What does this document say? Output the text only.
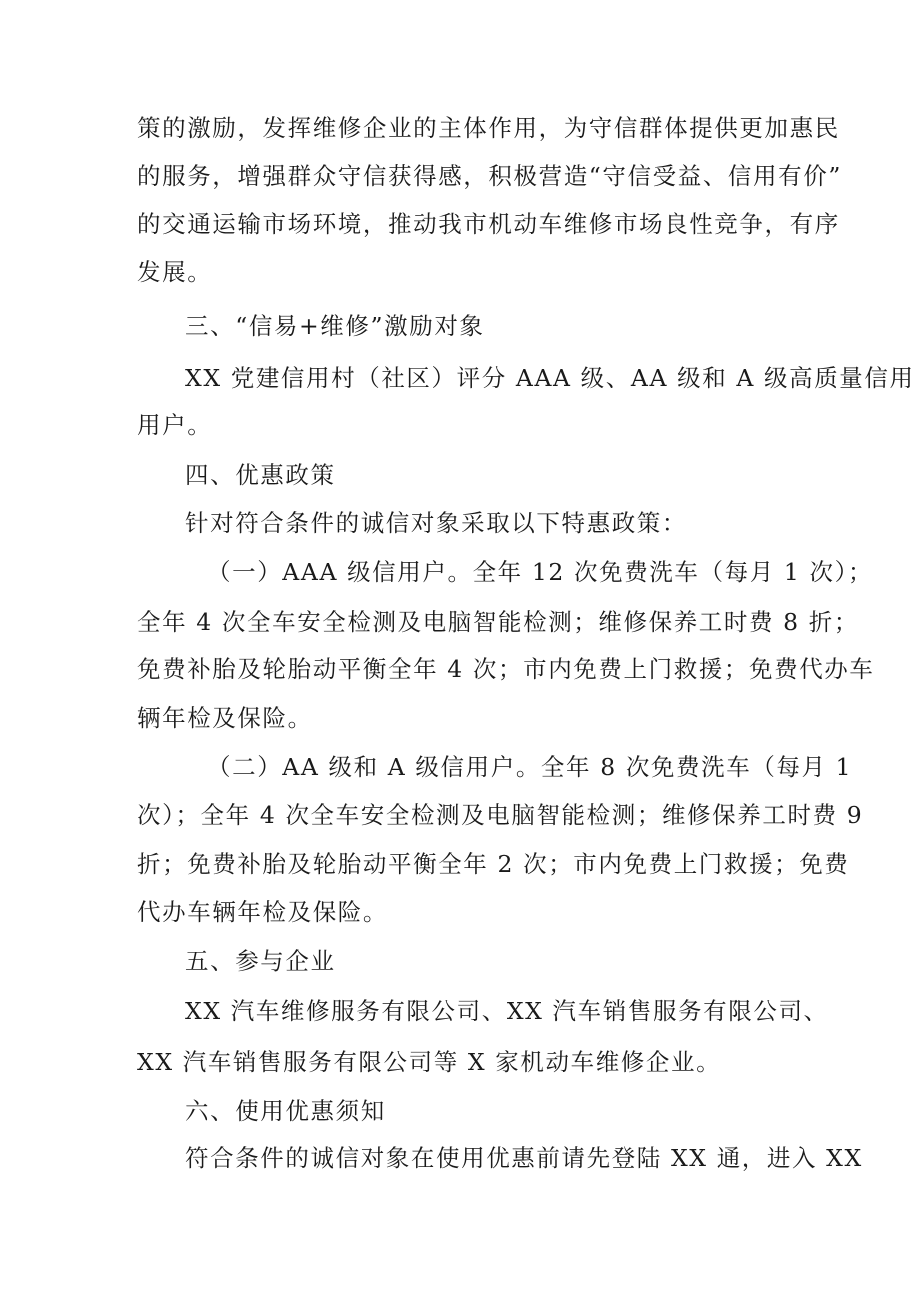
策的激励，发挥维修企业的主体作用，为守信群体提供更加惠民
的服务，增强群众守信获得感，积极营造“守信受益、信用有价”
的交通运输市场环境，推动我市机动车维修市场良性竞争，有序
发展。
三、“信易+维修”激励对象
XX 党建信用村（社区）评分 AAA 级、AA 级和 A 级高质量信用
用户。
四、优惠政策
针对符合条件的诚信对象采取以下特惠政策：
（一）AAA 级信用户。全年 12 次免费洗车（每月 1 次）；
全年 4 次全车安全检测及电脑智能检测；维修保养工时费 8 折；
免费补胎及轮胎动平衡全年 4 次；市内免费上门救援；免费代办车
辆年检及保险。
（二）AA 级和 A 级信用户。全年 8 次免费洗车（每月 1
次）；全年 4 次全车安全检测及电脑智能检测；维修保养工时费 9
折；免费补胎及轮胎动平衡全年 2 次；市内免费上门救援；免费
代办车辆年检及保险。
五、参与企业
XX 汽车维修服务有限公司、XX 汽车销售服务有限公司、
XX 汽车销售服务有限公司等 X 家机动车维修企业。
六、使用优惠须知
符合条件的诚信对象在使用优惠前请先登陆 XX 通，进入 XX
